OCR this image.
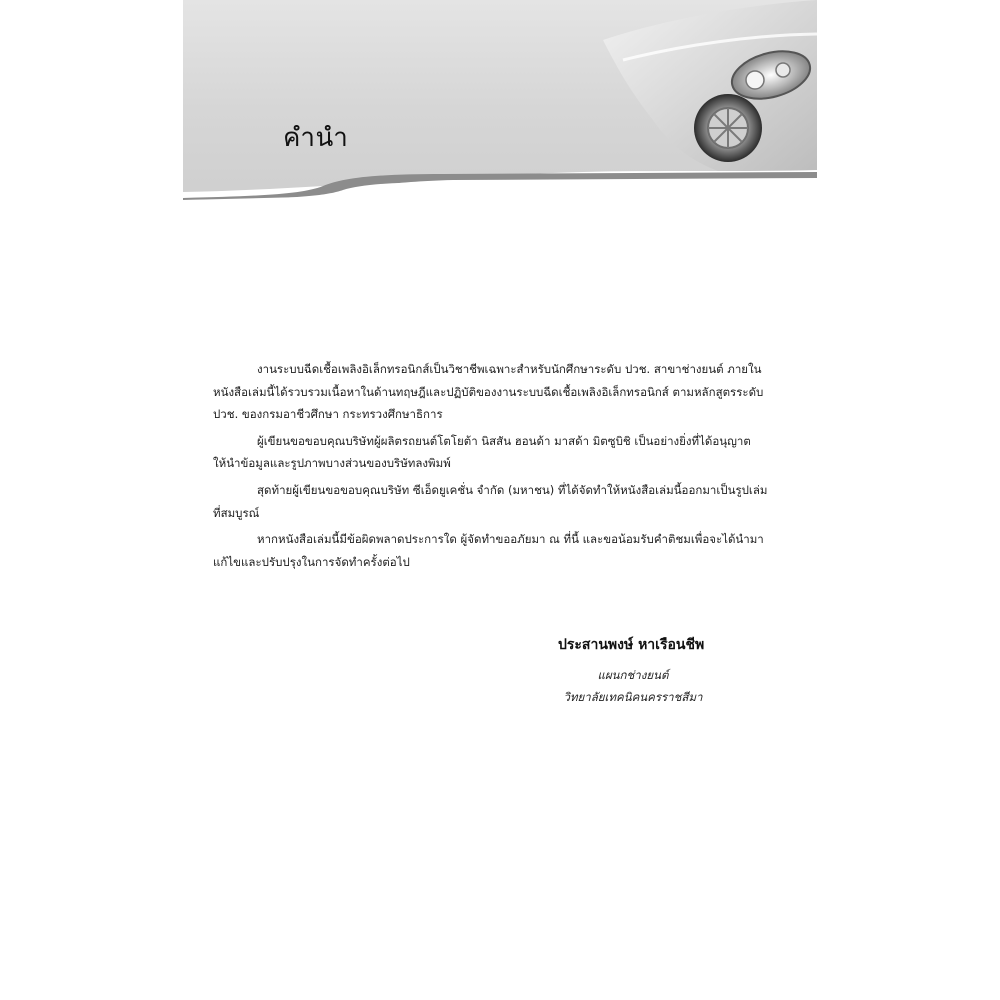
คำนำ

งานระบบฉีดเชื้อเพลิงอิเล็กทรอนิกส์เป็นวิชาชีพเฉพาะสำหรับนักศึกษาระดับ ปวช. สาขาช่างยนต์ ภายใน
หนังสือเล่มนี้ได้รวบรวมเนื้อหาในด้านทฤษฎีและปฏิบัติของงานระบบฉีดเชื้อเพลิงอิเล็กทรอนิกส์ ตามหลักสูตรระดับ
ปวช. ของกรมอาชีวศึกษา กระทรวงศึกษาธิการ

ผู้เขียนขอขอบคุณบริษัทผู้ผลิตรถยนต์โตโยต้า นิสสัน ฮอนด้า มาสด้า มิตซูบิชิ เป็นอย่างยิ่งที่ได้อนุญาต
ให้นำข้อมูลและรูปภาพบางส่วนของบริษัทลงพิมพ์

สุดท้ายผู้เขียนขอขอบคุณบริษัท ซีเอ็ดยูเคชั่น จำกัด (มหาชน) ที่ได้จัดทำให้หนังสือเล่มนี้ออกมาเป็นรูปเล่ม
ที่สมบูรณ์

หากหนังสือเล่มนี้มีข้อผิดพลาดประการใด ผู้จัดทำขออภัยมา ณ ที่นี้ และขอน้อมรับคำติชมเพื่อจะได้นำมา
แก้ไขและปรับปรุงในการจัดทำครั้งต่อไป

ประสานพงษ์ หาเรือนชีพ
แผนกช่างยนต์
วิทยาลัยเทคนิคนครราชสีมา
